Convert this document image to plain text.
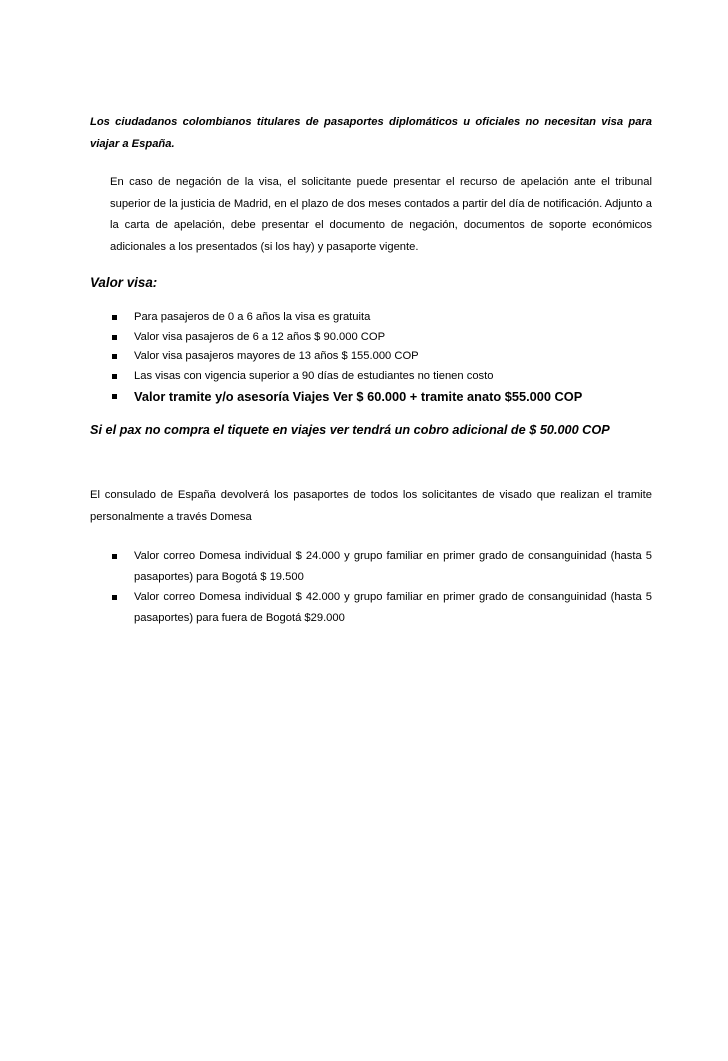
Los ciudadanos colombianos titulares de pasaportes diplomáticos u oficiales no necesitan visa para viajar a España.

En caso de negación de la visa, el solicitante puede presentar el recurso de apelación ante el tribunal superior de la justicia de Madrid, en el plazo de dos meses contados a partir del día de notificación. Adjunto a la carta de apelación, debe presentar el documento de negación, documentos de soporte económicos adicionales a los presentados (si los hay) y pasaporte vigente.

Valor visa:
Para pasajeros de 0 a 6 años la visa es gratuita
Valor visa pasajeros de 6 a 12 años $ 90.000 COP
Valor visa pasajeros mayores de 13 años $ 155.000 COP
Las visas con vigencia superior a 90 días de estudiantes no tienen costo
Valor tramite y/o asesoría Viajes Ver $ 60.000 + tramite anato $55.000 COP
Si el pax no compra el tiquete en viajes ver tendrá un cobro adicional de $ 50.000 COP

El consulado de España devolverá los pasaportes de todos los solicitantes de visado que realizan el tramite personalmente a través Domesa

Valor correo Domesa individual $ 24.000 y grupo familiar en primer grado de consanguinidad (hasta 5 pasaportes) para Bogotá $ 19.500
Valor correo Domesa individual $ 42.000 y grupo familiar en primer grado de consanguinidad (hasta 5 pasaportes) para fuera de Bogotá $29.000
